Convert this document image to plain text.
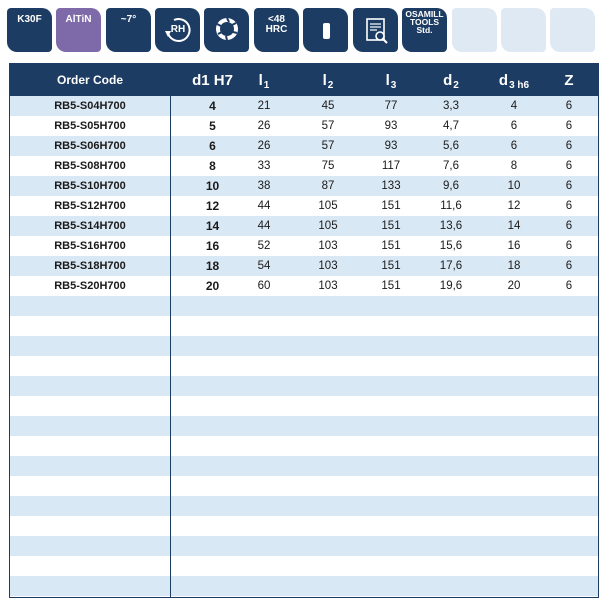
K30F AlTiN	~7°
RH
<48 HRC
OSAMILL TOOLS Std.
Order Code	d1 H7	$l_1$	$l_2$	$l_3$	$d_2$	$d_{3 h6}$	Z
RB5-S04H700	4	21	45	77	3,3	4	6
RB5-S05H700	5	26	57	93	4,7	6	6
RB5-S06H700	6	26	57	93	5,6	6	6
RB5-S08H700	8	33	75	117	7,6	8	6
RB5-S10H700	10	38	87	133	9,6	10	6
RB5-S12H700	12	44	105	151	11,6	12	6
RB5-S14H700	14	44	105	151	13,6	14	6
RB5-S16H700	16	52	103	151	15,6	16	6
RB5-S18H700	18	54	103	151	17,6	18	6
RB5-S20H700	20	60	103	151	19,6	20	6
